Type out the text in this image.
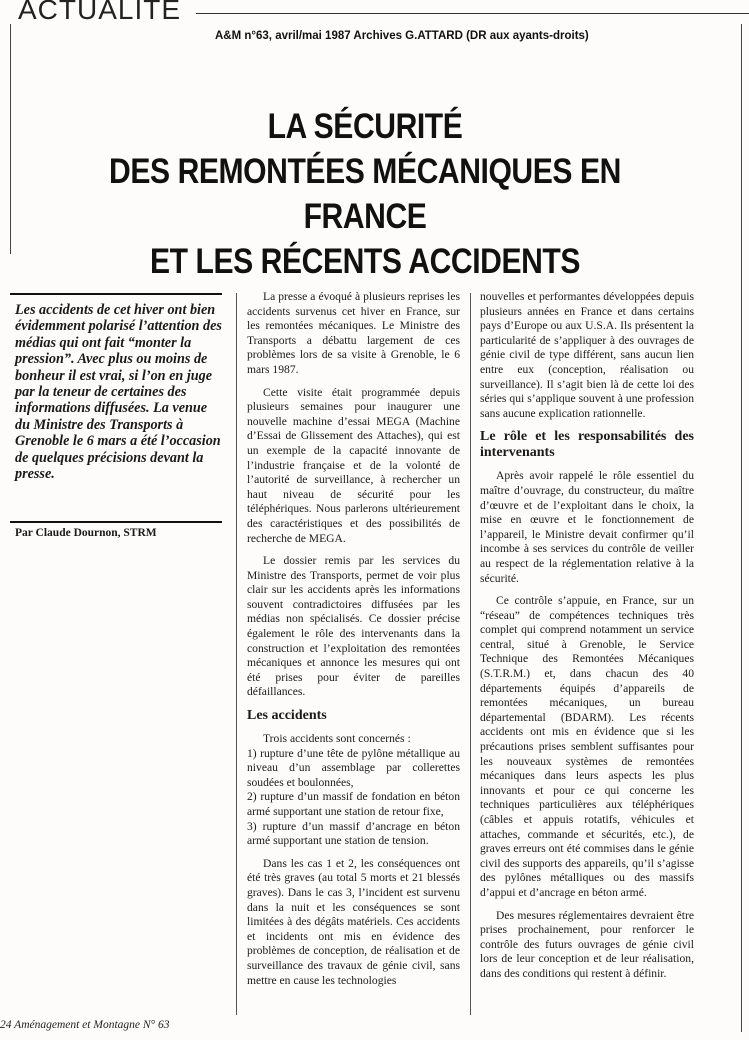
ACTUALITE
A&M n°63, avril/mai 1987 Archives G.ATTARD (DR aux ayants-droits)
LA SÉCURITÉ
DES REMONTÉES MÉCANIQUES EN FRANCE
ET LES RÉCENTS ACCIDENTS

Les accidents de cet hiver ont bien évidemment polarisé l’attention des médias qui ont fait “monter la pression”. Avec plus ou moins de bonheur il est vrai, si l’on en juge par la teneur de certaines des informations diffusées. La venue du Ministre des Transports à Grenoble le 6 mars a été l’occasion de quelques précisions devant la presse.

Par Claude Dournon, STRM

La presse a évoqué à plusieurs reprises les accidents survenus cet hiver en France, sur les remontées mécaniques. Le Ministre des Transports a débattu largement de ces problèmes lors de sa visite à Grenoble, le 6 mars 1987.

Cette visite était programmée depuis plusieurs semaines pour inaugurer une nouvelle machine d’essai MEGA (Machine d’Essai de Glissement des Attaches), qui est un exemple de la capacité innovante de l’industrie française et de la volonté de l’autorité de surveillance, à rechercher un haut niveau de sécurité pour les téléphériques. Nous parlerons ultérieurement des caractéristiques et des possibilités de recherche de MEGA.

Le dossier remis par les services du Ministre des Transports, permet de voir plus clair sur les accidents après les informations souvent contradictoires diffusées par les médias non spécialisés. Ce dossier précise également le rôle des intervenants dans la construction et l’exploitation des remontées mécaniques et annonce les mesures qui ont été prises pour éviter de pareilles défaillances.

Les accidents

Trois accidents sont concernés :

1) rupture d’une tête de pylône métallique au niveau d’un assemblage par collerettes soudées et boulonnées,

2) rupture d’un massif de fondation en béton armé supportant une station de retour fixe,

3) rupture d’un massif d’ancrage en béton armé supportant une station de tension.

Dans les cas 1 et 2, les conséquences ont été très graves (au total 5 morts et 21 blessés graves). Dans le cas 3, l’incident est survenu dans la nuit et les conséquences se sont limitées à des dégâts matériels. Ces accidents et incidents ont mis en évidence des problèmes de conception, de réalisation et de surveillance des travaux de génie civil, sans mettre en cause les technologies

nouvelles et performantes développées depuis plusieurs années en France et dans certains pays d’Europe ou aux U.S.A. Ils présentent la particularité de s’appliquer à des ouvrages de génie civil de type différent, sans aucun lien entre eux (conception, réalisation ou surveillance). Il s’agit bien là de cette loi des séries qui s’applique souvent à une profession sans aucune explication rationnelle.

Le rôle et les responsabilités des intervenants

Après avoir rappelé le rôle essentiel du maître d’ouvrage, du constructeur, du maître d’œuvre et de l’exploitant dans le choix, la mise en œuvre et le fonctionnement de l’appareil, le Ministre devait confirmer qu’il incombe à ses services du contrôle de veiller au respect de la réglementation relative à la sécurité.

Ce contrôle s’appuie, en France, sur un “réseau” de compétences techniques très complet qui comprend notamment un service central, situé à Grenoble, le Service Technique des Remontées Mécaniques (S.T.R.M.) et, dans chacun des 40 départements équipés d’appareils de remontées mécaniques, un bureau départemental (BDARM). Les récents accidents ont mis en évidence que si les précautions prises semblent suffisantes pour les nouveaux systèmes de remontées mécaniques dans leurs aspects les plus innovants et pour ce qui concerne les techniques particulières aux téléphériques (câbles et appuis rotatifs, véhicules et attaches, commande et sécurités, etc.), de graves erreurs ont été commises dans le génie civil des supports des appareils, qu’il s’agisse des pylônes métalliques ou des massifs d’appui et d’ancrage en béton armé.

Des mesures réglementaires devraient être prises prochainement, pour renforcer le contrôle des futurs ouvrages de génie civil lors de leur conception et de leur réalisation, dans des conditions qui restent à définir.

24 Aménagement et Montagne N° 63
